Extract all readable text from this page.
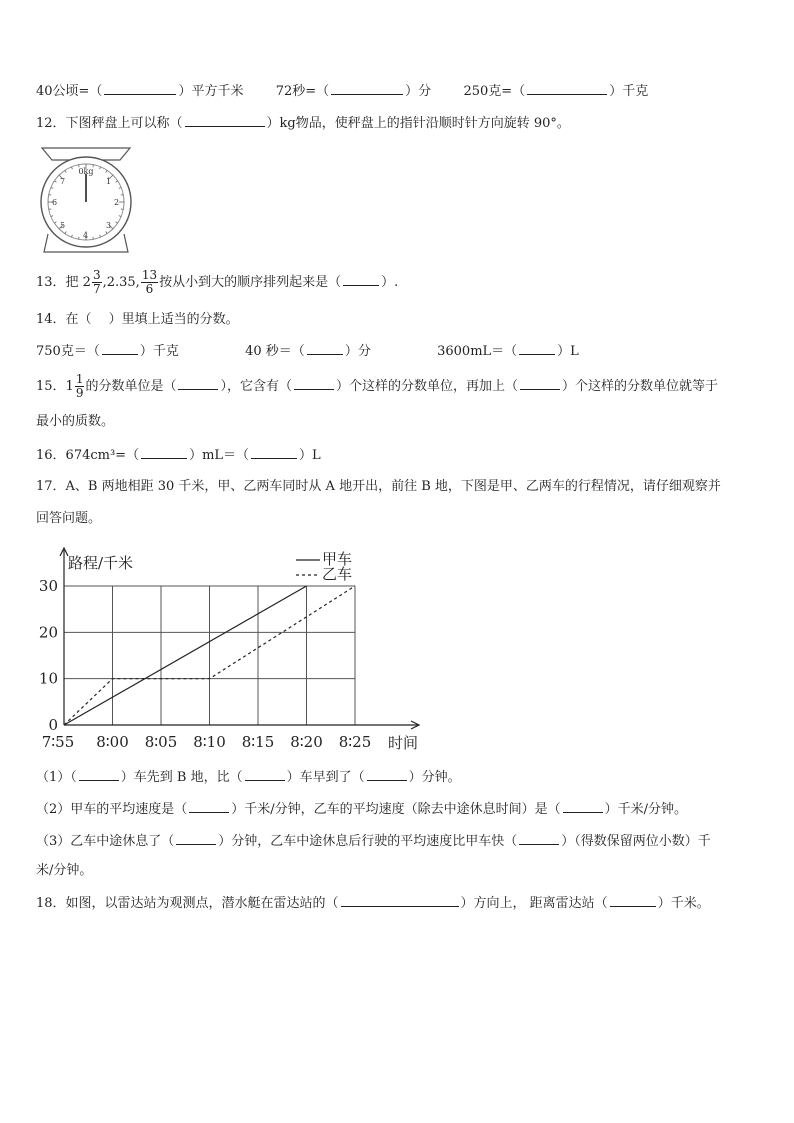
40公顷=（	）平方千米 72秒=（	）分 250克=（	）千克
12．下图秤盘上可以称（	）kg物品，使秤盘上的指针沿顺时针方向旋转 90°。
0kg
1
2
3
4
5
6
7
13．把 $2 \frac{3}{7} ,2.35$, $\frac{13}{6}$ 按从小到大的顺序排列起来是（	）.
14．在（　 ）里填上适当的分数。
750克＝（	）千克	40 秒＝（	）分	3600mL＝（	）L
15．$1 \frac{1}{9}$ 的分数单位是（	），它含有（	）个这样的分数单位，再加上（	）个这样的分数单位就等于
最小的质数。
16．674cm³=（	）mL＝（	）L
17．A、B 两地相距 30 千米，甲、乙两车同时从 A 地开出，前往 B 地，下图是甲、乙两车的行程情况，请仔细观察并
回答问题。
0
10
20
30
7∶55 8∶00 8∶05 8∶10 8∶15 8∶20 8∶25
路程/千米
时间
甲车
乙车
（1）（	）车先到 B 地，比（	）车早到了（	）分钟。
（2）甲车的平均速度是（	）千米/分钟，乙车的平均速度（除去中途休息时间）是（	）千米/分钟。
（3）乙车中途休息了（	）分钟，乙车中途休息后行驶的平均速度比甲车快（	）（得数保留两位小数）千
米/分钟。
18．如图，以雷达站为观测点，潜水艇在雷达站的（	）方向上， 距离雷达站（	）千米。
